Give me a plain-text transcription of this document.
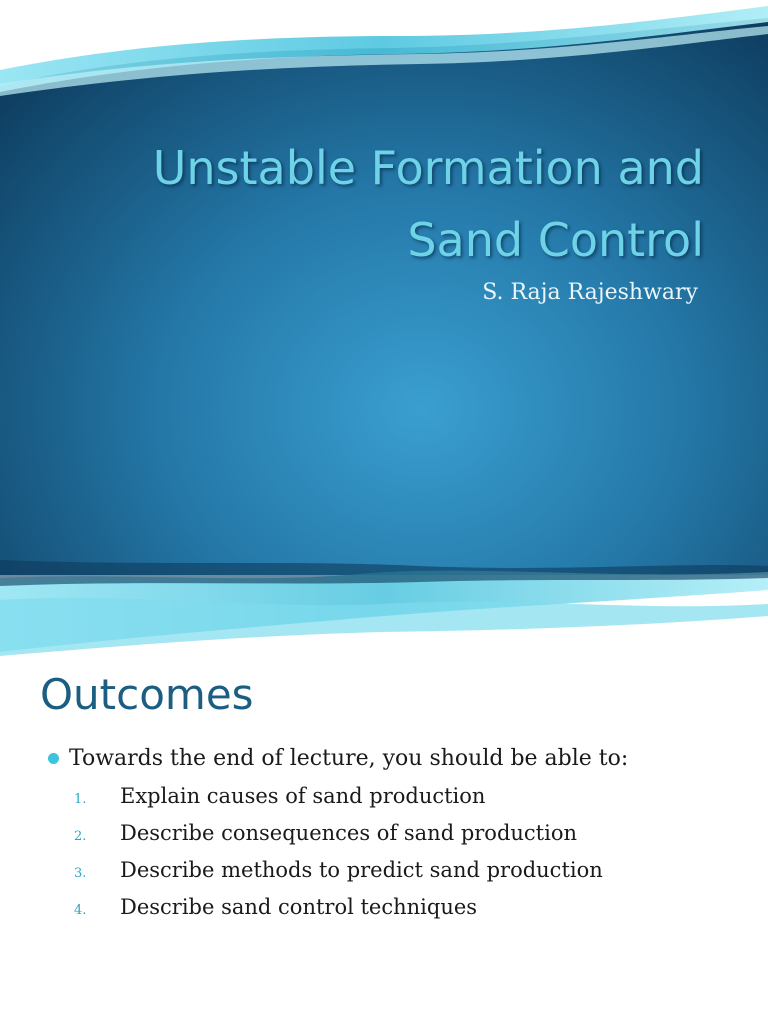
Unstable Formation and
Sand Control
S. Raja Rajeshwary
Outcomes
Towards the end of lecture, you should be able to:
1.	Explain causes of sand production
2.	Describe consequences of sand production
3.	Describe methods to predict sand production
4.	Describe sand control techniques
